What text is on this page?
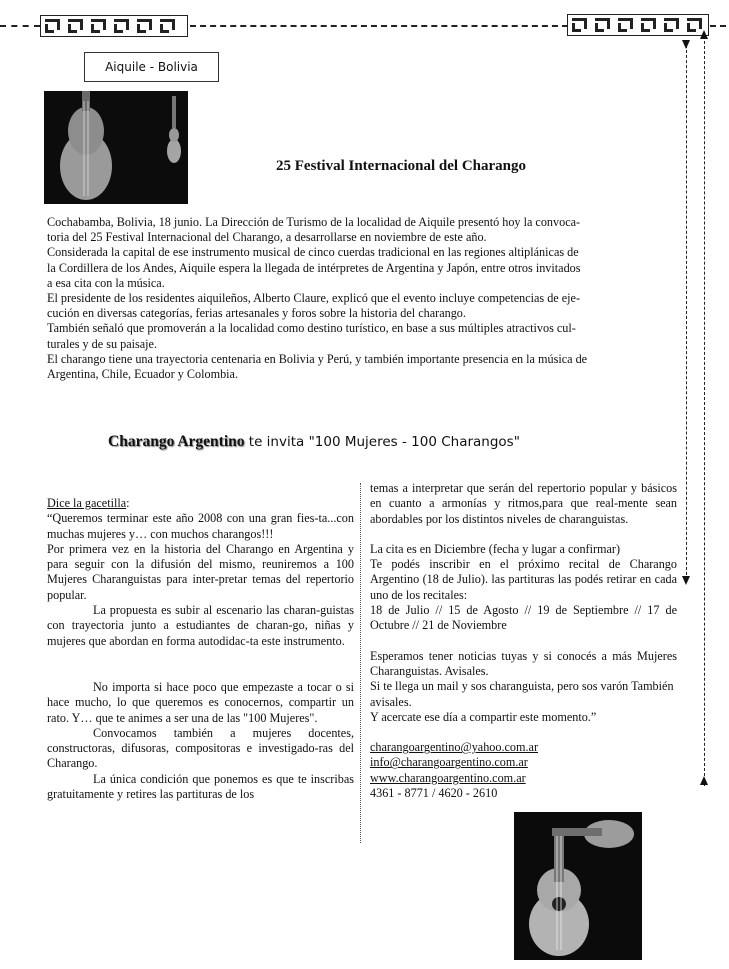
Aiquile - Bolivia
25 Festival Internacional del Charango

Cochabamba, Bolivia, 18 junio. La Dirección de Turismo de la localidad de Aiquile presentó hoy la convoca-

toria del 25 Festival Internacional del Charango, a desarrollarse en noviembre de este año.

Considerada la capital de ese instrumento musical de cinco cuerdas tradicional en las regiones altiplánicas de

la Cordillera de los Andes, Aiquile espera la llegada de intérpretes de Argentina y Japón, entre otros invitados

a esa cita con la música.

El presidente de los residentes aiquileños, Alberto Claure, explicó que el evento incluye competencias de eje-

cución en diversas categorías, ferias artesanales y foros sobre la historia del charango.

También señaló que promoverán a la localidad como destino turístico, en base a sus múltiples atractivos cul-

turales y de su paisaje.

El charango tiene una trayectoria centenaria en Bolivia y Perú, y también importante presencia en la música de

Argentina, Chile, Ecuador y Colombia.

Charango Argentino te invita "100 Mujeres - 100 Charangos"

Dice la gacetilla:

“Queremos terminar este año 2008 con una gran fies-ta...con muchas mujeres y… con muchos charangos!!!

Por primera vez en la historia del Charango en Argentina y para seguir con la difusión del mismo, reuniremos a 100 Mujeres Charanguistas para inter-pretar temas del repertorio popular.

La propuesta es subir al escenario las charan-guistas con trayectoria junto a estudiantes de charan-go, niñas y mujeres que abordan en forma autodidac-ta este instrumento.

No importa si hace poco que empezaste a tocar o si hace mucho, lo que queremos es conocernos, compartir un rato. Y… que te animes a ser una de las "100 Mujeres".

Convocamos también a mujeres docentes, constructoras, difusoras, compositoras e investigado-ras del Charango.

La única condición que ponemos es que te inscribas gratuitamente y retires las partituras de los

temas a interpretar que serán del repertorio popular y básicos en cuanto a armonías y ritmos,para que real-mente sean abordables por los distintos niveles de charanguistas.

La cita es en Diciembre (fecha y lugar a confirmar)

Te podés inscribir en el próximo recital de Charango Argentino (18 de Julio). las partituras las podés retirar en cada uno de los recitales:

18 de Julio // 15 de Agosto // 19 de Septiembre // 17 de Octubre // 21 de Noviembre

Esperamos tener noticias tuyas y si conocés a más Mujeres Charanguistas. Avisales.

Si te llega un mail y sos charanguista, pero sos varón También avisales.

Y acercate ese día a compartir este momento.”

charangoargentino@yahoo.com.ar

info@charangoargentino.com.ar

www.charangoargentino.com.ar

4361 - 8771 / 4620 - 2610
